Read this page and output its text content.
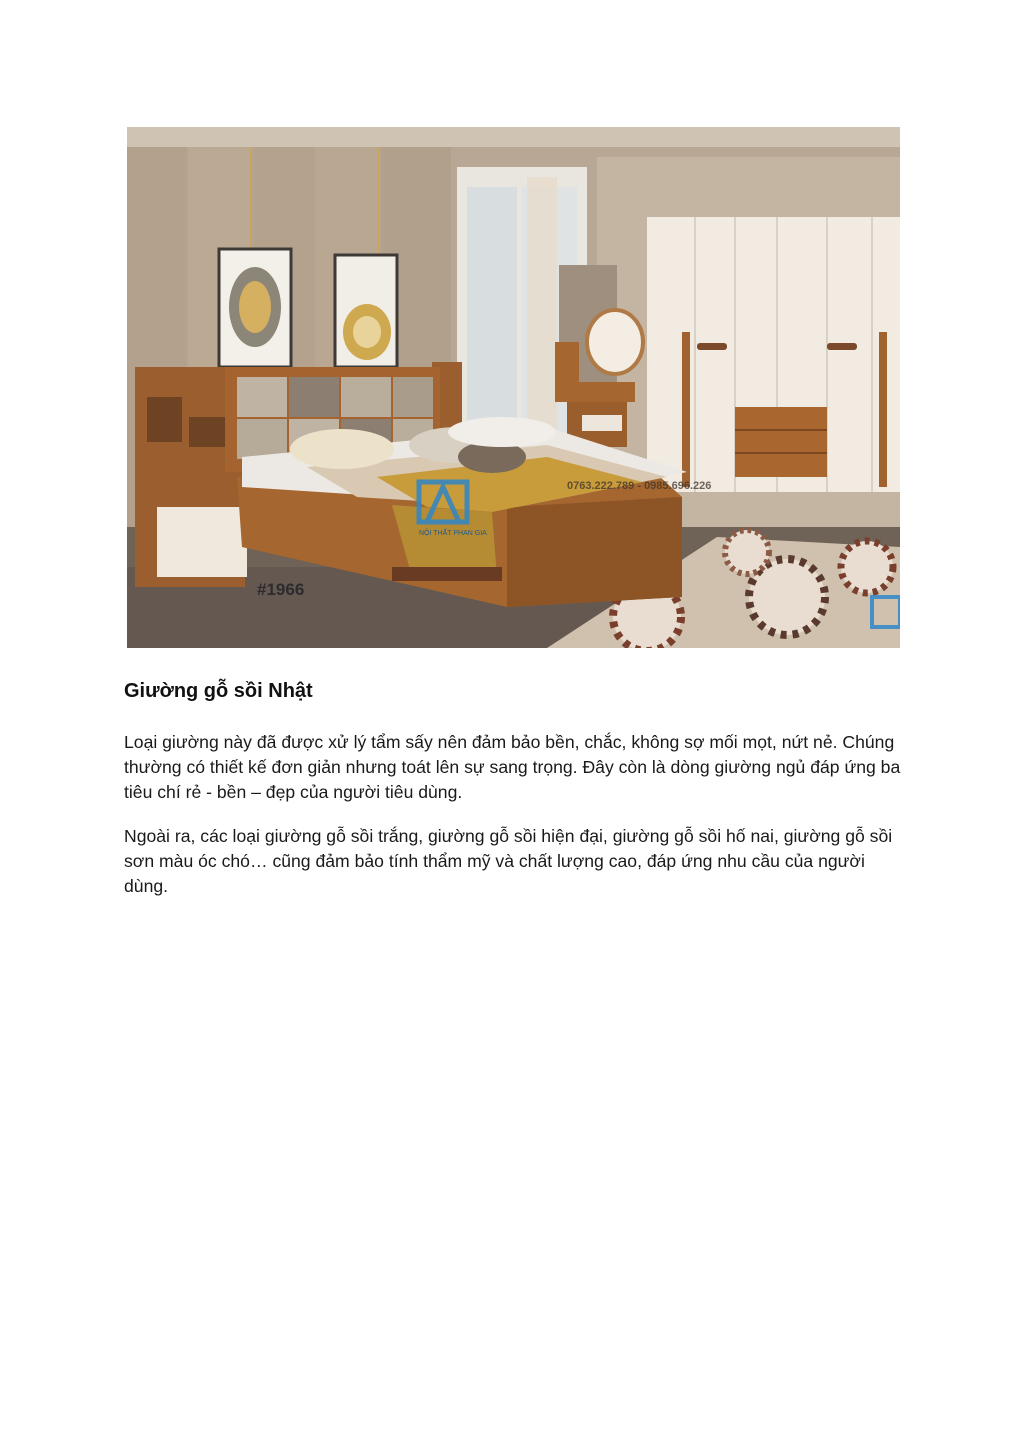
NỘI THẤT PHAN GIA
0763.222.789 - 0985.696.226
#1966
Giường gỗ sồi Nhật

Loại giường này đã được xử lý tẩm sấy nên đảm bảo bền, chắc, không sợ mối mọt, nứt nẻ. Chúng thường có thiết kế đơn giản nhưng toát lên sự sang trọng. Đây còn là dòng giường ngủ đáp ứng ba tiêu chí rẻ - bền – đẹp của người tiêu dùng.

Ngoài ra, các loại giường gỗ sồi trắng, giường gỗ sồi hiện đại, giường gỗ sồi hố nai, giường gỗ sồi sơn màu óc chó… cũng đảm bảo tính thẩm mỹ và chất lượng cao, đáp ứng nhu cầu của người dùng.
